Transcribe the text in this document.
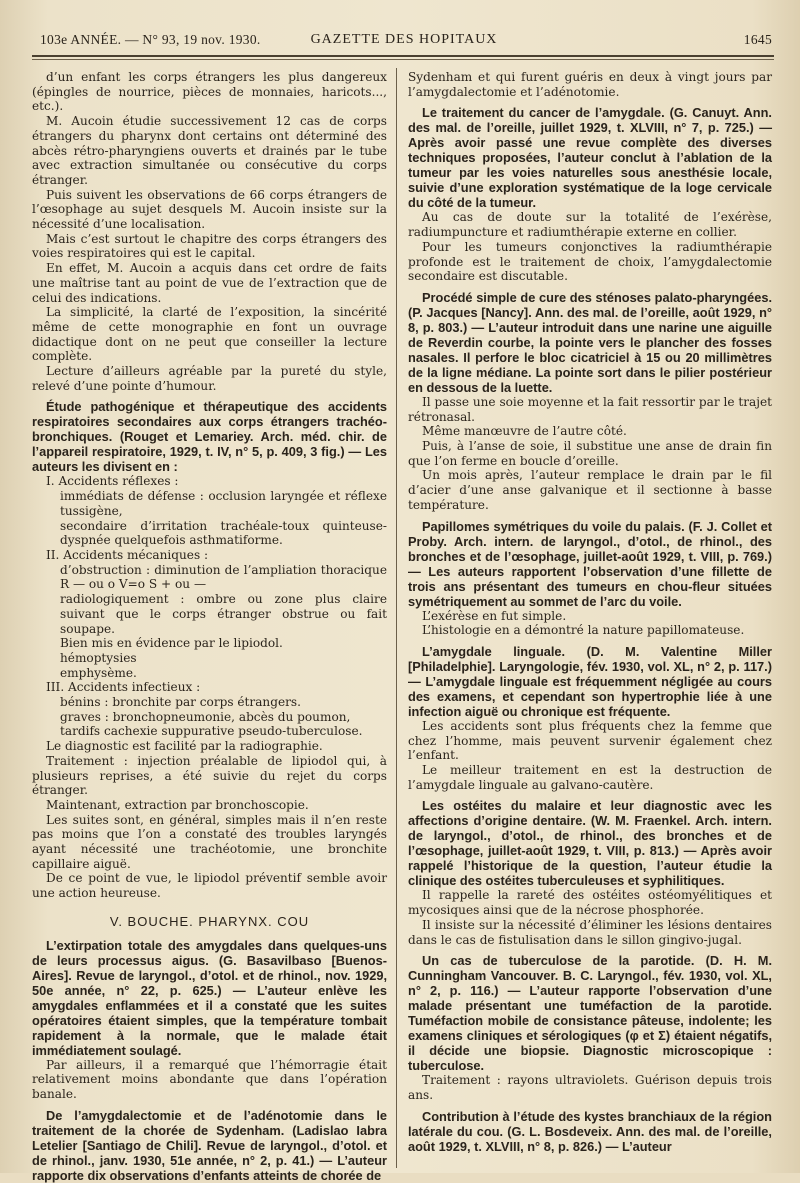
103e ANNÉE. — N° 93, 19 nov. 1930.	GAZETTE DES HOPITAUX	1645

d’un enfant les corps étrangers les plus dangereux (épingles de nourrice, pièces de monnaies, haricots..., etc.).

M. Aucoin étudie successivement 12 cas de corps étrangers du pharynx dont certains ont déterminé des abcès rétro-pharyngiens ouverts et drainés par le tube avec extraction simultanée ou consécutive du corps étranger.

Puis suivent les observations de 66 corps étrangers de l’œsophage au sujet desquels M. Aucoin insiste sur la nécessité d’une localisation.

Mais c’est surtout le chapitre des corps étrangers des voies respiratoires qui est le capital.

En effet, M. Aucoin a acquis dans cet ordre de faits une maîtrise tant au point de vue de l’extraction que de celui des indications.

La simplicité, la clarté de l’exposition, la sincérité même de cette monographie en font un ouvrage didactique dont on ne peut que conseiller la lecture complète.

Lecture d’ailleurs agréable par la pureté du style, relevé d’une pointe d’humour.

Étude pathogénique et thérapeutique des accidents respiratoires secondaires aux corps étrangers trachéo-bronchiques. (Rouget et Lemariey. Arch. méd. chir. de l’appareil respiratoire, 1929, t. IV, n° 5, p. 409, 3 fig.) — Les auteurs les divisent en :

I. Accidents réflexes :

immédiats de défense : occlusion laryngée et réflexe tussigène,

secondaire d’irritation trachéale-toux quinteuse-dyspnée quelquefois asthmatiforme.

II. Accidents mécaniques :

d’obstruction : diminution de l’ampliation thoracique R — ou o V=o S + ou —

radiologiquement : ombre ou zone plus claire suivant que le corps étranger obstrue ou fait soupape.

Bien mis en évidence par le lipiodol.

hémoptysies

emphysème.

III. Accidents infectieux :

bénins : bronchite par corps étrangers.

graves : bronchopneumonie, abcès du poumon,

tardifs cachexie suppurative pseudo-tuberculose.

Le diagnostic est facilité par la radiographie.

Traitement : injection préalable de lipiodol qui, à plusieurs reprises, a été suivie du rejet du corps étranger.

Maintenant, extraction par bronchoscopie.

Les suites sont, en général, simples mais il n’en reste pas moins que l’on a constaté des troubles laryngés ayant nécessité une trachéotomie, une bronchite capillaire aiguë.

De ce point de vue, le lipiodol préventif semble avoir une action heureuse.

V. BOUCHE. PHARYNX. COU

L’extirpation totale des amygdales dans quelques-uns de leurs processus aigus. (G. Basavilbaso [Buenos-Aires]. Revue de laryngol., d’otol. et de rhinol., nov. 1929, 50e année, n° 22, p. 625.) — L’auteur enlève les amygdales enflammées et il a constaté que les suites opératoires étaient simples, que la température tombait rapidement à la normale, que le malade était immédiatement soulagé.

Par ailleurs, il a remarqué que l’hémorragie était relativement moins abondante que dans l’opération banale.

De l’amygdalectomie et de l’adénotomie dans le traitement de la chorée de Sydenham. (Ladislao Iabra Letelier [Santiago de Chili]. Revue de laryngol., d’otol. et de rhinol., janv. 1930, 51e année, n° 2, p. 41.) — L’auteur rapporte dix observations d’enfants atteints de chorée de

Sydenham et qui furent guéris en deux à vingt jours par l’amygdalectomie et l’adénotomie.

Le traitement du cancer de l’amygdale. (G. Canuyt. Ann. des mal. de l’oreille, juillet 1929, t. XLVIII, n° 7, p. 725.) — Après avoir passé une revue complète des diverses techniques proposées, l’auteur conclut à l’ablation de la tumeur par les voies naturelles sous anesthésie locale, suivie d’une exploration systématique de la loge cervicale du côté de la tumeur.

Au cas de doute sur la totalité de l’exérèse, radiumpuncture et radiumthérapie externe en collier.

Pour les tumeurs conjonctives la radiumthérapie profonde est le traitement de choix, l’amygdalectomie secondaire est discutable.

Procédé simple de cure des sténoses palato-pharyngées. (P. Jacques [Nancy]. Ann. des mal. de l’oreille, août 1929, n° 8, p. 803.) — L’auteur introduit dans une narine une aiguille de Reverdin courbe, la pointe vers le plancher des fosses nasales. Il perfore le bloc cicatriciel à 15 ou 20 millimètres de la ligne médiane. La pointe sort dans le pilier postérieur en dessous de la luette.

Il passe une soie moyenne et la fait ressortir par le trajet rétronasal.

Même manœuvre de l’autre côté.

Puis, à l’anse de soie, il substitue une anse de drain fin que l’on ferme en boucle d’oreille.

Un mois après, l’auteur remplace le drain par le fil d’acier d’une anse galvanique et il sectionne à basse température.

Papillomes symétriques du voile du palais. (F. J. Collet et Proby. Arch. intern. de laryngol., d’otol., de rhinol., des bronches et de l’œsophage, juillet-août 1929, t. VIII, p. 769.) — Les auteurs rapportent l’observation d’une fillette de trois ans présentant des tumeurs en chou-fleur situées symétriquement au sommet de l’arc du voile.

L’exérèse en fut simple.

L’histologie en a démontré la nature papillomateuse.

L’amygdale linguale. (D. M. Valentine Miller [Philadelphie]. Laryngologie, fév. 1930, vol. XL, n° 2, p. 117.) — L’amygdale linguale est fréquemment négligée au cours des examens, et cependant son hypertrophie liée à une infection aiguë ou chronique est fréquente.

Les accidents sont plus fréquents chez la femme que chez l’homme, mais peuvent survenir également chez l’enfant.

Le meilleur traitement en est la destruction de l’amygdale linguale au galvano-cautère.

Les ostéites du malaire et leur diagnostic avec les affections d’origine dentaire. (W. M. Fraenkel. Arch. intern. de laryngol., d’otol., de rhinol., des bronches et de l’œsophage, juillet-août 1929, t. VIII, p. 813.) — Après avoir rappelé l’historique de la question, l’auteur étudie la clinique des ostéites tuberculeuses et syphilitiques.

Il rappelle la rareté des ostéites ostéomyélitiques et mycosiques ainsi que de la nécrose phosphorée.

Il insiste sur la nécessité d’éliminer les lésions dentaires dans le cas de fistulisation dans le sillon gingivo-jugal.

Un cas de tuberculose de la parotide. (D. H. M. Cunningham Vancouver. B. C. Laryngol., fév. 1930, vol. XL, n° 2, p. 116.) — L’auteur rapporte l’observation d’une malade présentant une tuméfaction de la parotide. Tuméfaction mobile de consistance pâteuse, indolente; les examens cliniques et sérologiques (φ et Σ) étaient négatifs, il décide une biopsie. Diagnostic microscopique : tuberculose.

Traitement : rayons ultraviolets. Guérison depuis trois ans.

Contribution à l’étude des kystes branchiaux de la région latérale du cou. (G. L. Bosdeveix. Ann. des mal. de l’oreille, août 1929, t. XLVIII, n° 8, p. 826.) — L’auteur
